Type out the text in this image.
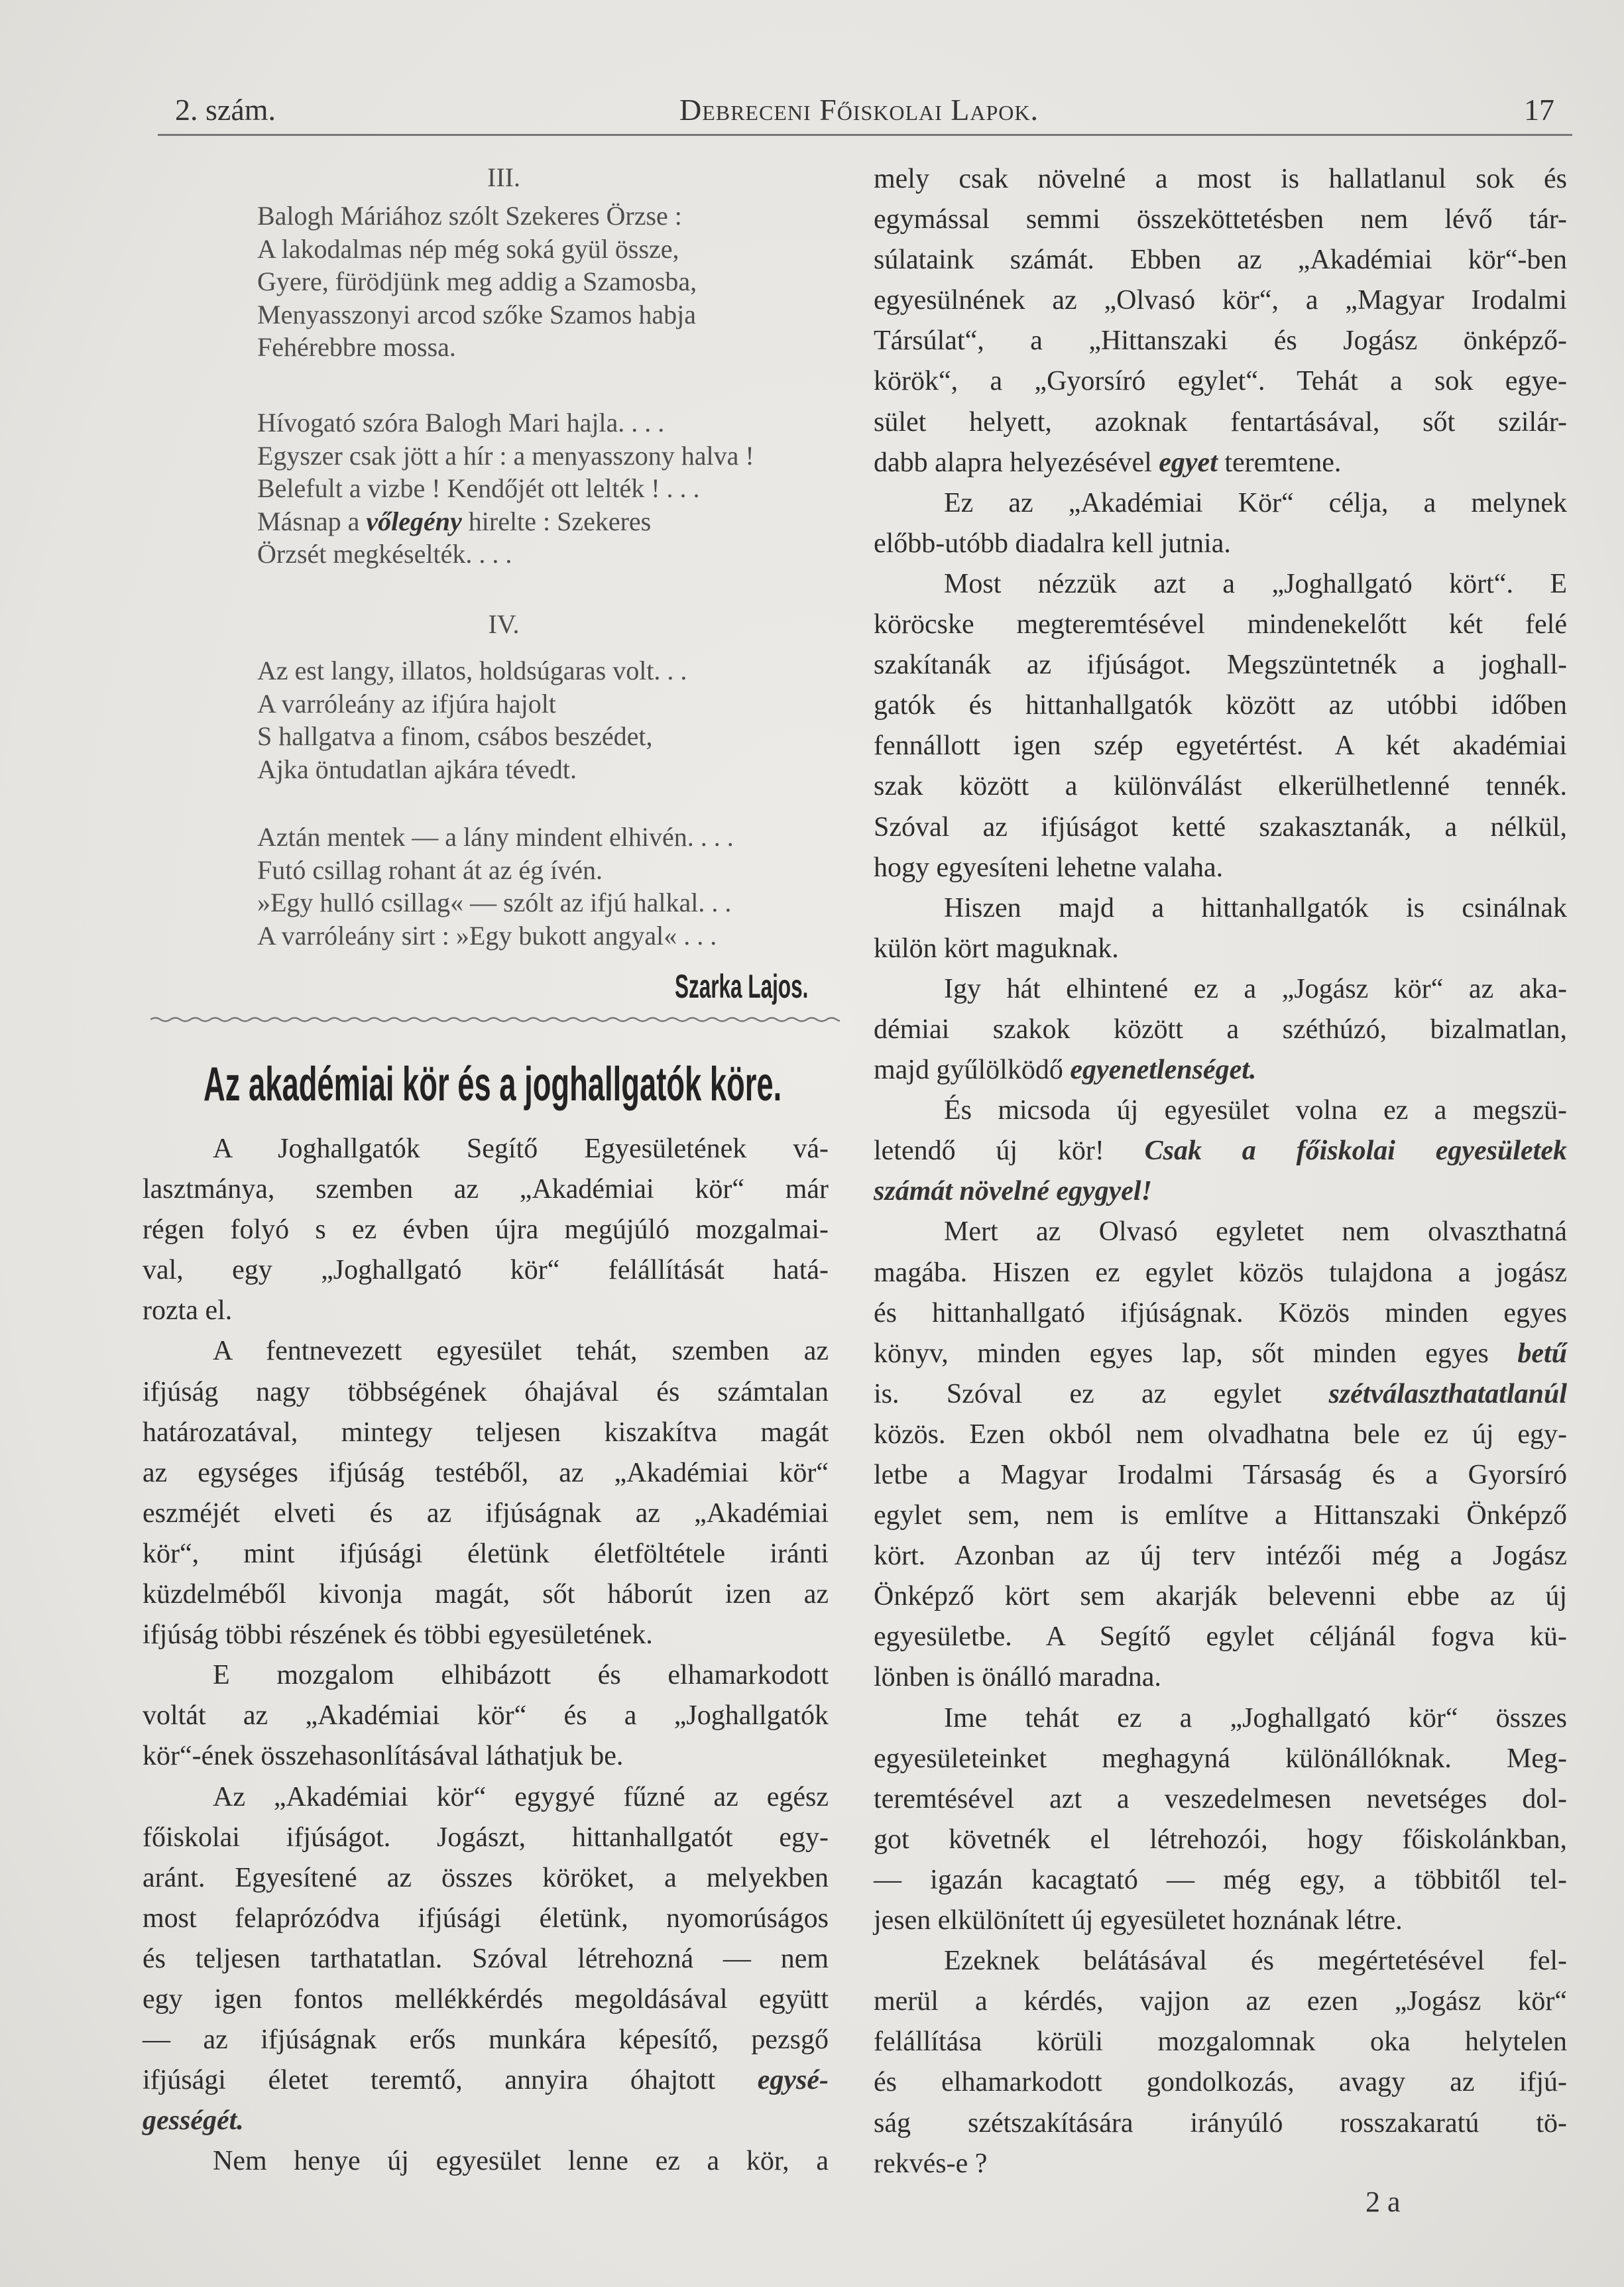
2. szám.	Debreceni Főiskolai Lapok.	17
III.
Balogh Máriához szólt Szekeres Örzse :
A lakodalmas nép még soká gyül össze,
Gyere, fürödjünk meg addig a Szamosba,
Menyasszonyi arcod szőke Szamos habja
Fehérebbre mossa.
Hívogató szóra Balogh Mari hajla. . . .
Egyszer csak jött a hír : a menyasszony halva !
Belefult a vizbe ! Kendőjét ott lelték ! . . .
Másnap a vőlegény hirelte : Szekeres
Örzsét megkéselték. . . .
IV.
Az est langy, illatos, holdsúgaras volt. . .
A varróleány az ifjúra hajolt
S hallgatva a finom, csábos beszédet,
Ajka öntudatlan ajkára tévedt.
Aztán mentek — a lány mindent elhivén. . . .
Futó csillag rohant át az ég ívén.
»Egy hulló csillag« — szólt az ifjú halkal. . .
A varróleány sirt : »Egy bukott angyal« . . .
Szarka Lajos.
Az akadémiai kör és a joghallgatók köre.
A Joghallgatók Segítő Egyesületének vá-
lasztmánya, szemben az „Akadémiai kör“ már
régen folyó s ez évben újra megújúló mozgalmai-
val, egy „Joghallgató kör“ felállítását hatá-
rozta el.
A fentnevezett egyesület tehát, szemben az
ifjúság nagy többségének óhajával és számtalan
határozatával, mintegy teljesen kiszakítva magát
az egységes ifjúság testéből, az „Akadémiai kör“
eszméjét elveti és az ifjúságnak az „Akadémiai
kör“, mint ifjúsági életünk életföltétele iránti
küzdelméből kivonja magát, sőt háborút izen az
ifjúság többi részének és többi egyesületének.
E mozgalom elhibázott és elhamarkodott
voltát az „Akadémiai kör“ és a „Joghallgatók
kör“-ének összehasonlításával láthatjuk be.
Az „Akadémiai kör“ egygyé fűzné az egész
főiskolai ifjúságot. Jogászt, hittanhallgatót egy-
aránt. Egyesítené az összes köröket, a melyekben
most felaprózódva ifjúsági életünk, nyomorúságos
és teljesen tarthatatlan. Szóval létrehozná — nem
egy igen fontos mellékkérdés megoldásával együtt
— az ifjúságnak erős munkára képesítő, pezsgő
ifjúsági életet teremtő, annyira óhajtott egysé-
gességét.
Nem henye új egyesület lenne ez a kör, a
mely csak növelné a most is hallatlanul sok és
egymással semmi összeköttetésben nem lévő tár-
súlataink számát. Ebben az „Akadémiai kör“-ben
egyesülnének az „Olvasó kör“, a „Magyar Irodalmi
Társúlat“, a „Hittanszaki és Jogász önképző-
körök“, a „Gyorsíró egylet“. Tehát a sok egye-
sület helyett, azoknak fentartásával, sőt szilár-
dabb alapra helyezésével egyet teremtene.
Ez az „Akadémiai Kör“ célja, a melynek
előbb-utóbb diadalra kell jutnia.
Most nézzük azt a „Joghallgató kört“. E
köröcske megteremtésével mindenekelőtt két felé
szakítanák az ifjúságot. Megszüntetnék a joghall-
gatók és hittanhallgatók között az utóbbi időben
fennállott igen szép egyetértést. A két akadémiai
szak között a különválást elkerülhetlenné tennék.
Szóval az ifjúságot ketté szakasztanák, a nélkül,
hogy egyesíteni lehetne valaha.
Hiszen majd a hittanhallgatók is csinálnak
külön kört maguknak.
Igy hát elhintené ez a „Jogász kör“ az aka-
démiai szakok között a széthúzó, bizalmatlan,
majd gyűlölködő egyenetlenséget.
És micsoda új egyesület volna ez a megszü-
letendő új kör! Csak a főiskolai egyesületek
számát növelné egygyel!
Mert az Olvasó egyletet nem olvaszthatná
magába. Hiszen ez egylet közös tulajdona a jogász
és hittanhallgató ifjúságnak. Közös minden egyes
könyv, minden egyes lap, sőt minden egyes betű
is. Szóval ez az egylet szétválaszthatatlanúl
közös. Ezen okból nem olvadhatna bele ez új egy-
letbe a Magyar Irodalmi Társaság és a Gyorsíró
egylet sem, nem is említve a Hittanszaki Önképző
kört. Azonban az új terv intézői még a Jogász
Önképző kört sem akarják belevenni ebbe az új
egyesületbe. A Segítő egylet céljánál fogva kü-
lönben is önálló maradna.
Ime tehát ez a „Joghallgató kör“ összes
egyesületeinket meghagyná különállóknak. Meg-
teremtésével azt a veszedelmesen nevetséges dol-
got követnék el létrehozói, hogy főiskolánkban,
— igazán kacagtató — még egy, a többitől tel-
jesen elkülönített új egyesületet hoznának létre.
Ezeknek belátásával és megértetésével fel-
merül a kérdés, vajjon az ezen „Jogász kör“
felállítása körüli mozgalomnak oka helytelen
és elhamarkodott gondolkozás, avagy az ifjú-
ság szétszakítására irányúló rosszakaratú tö-
rekvés-e ?
2 a
